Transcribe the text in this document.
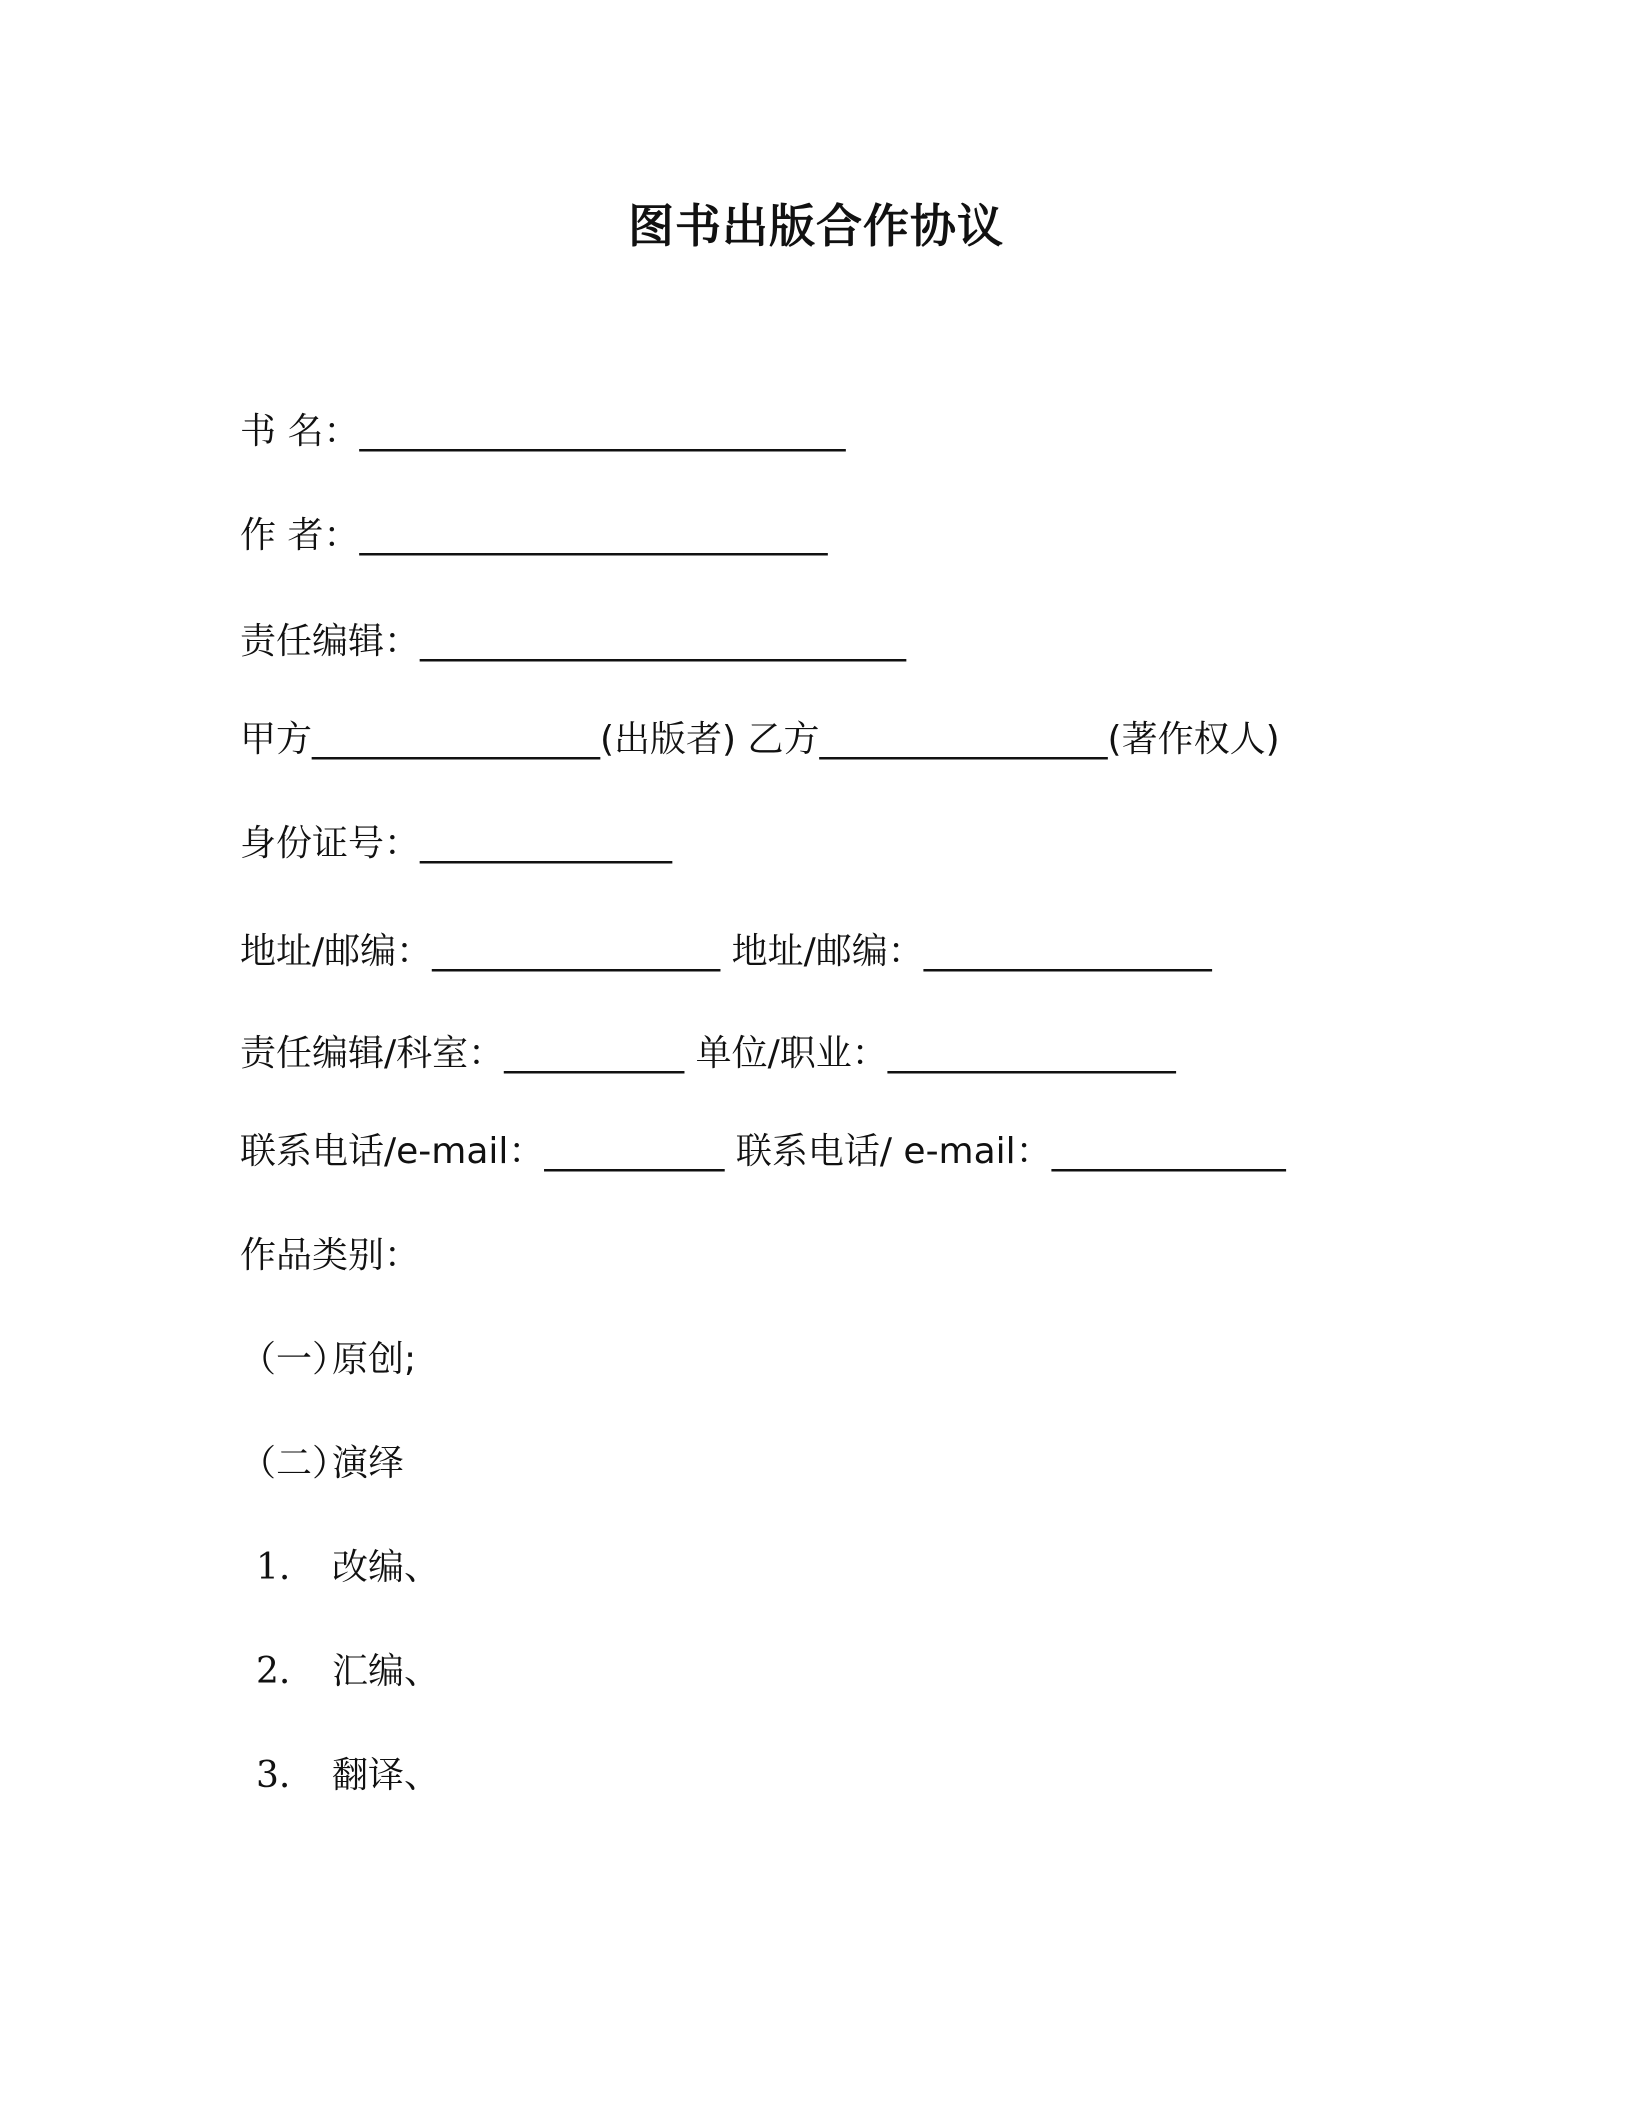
图书出版合作协议
书 名：___________________________
作 者：__________________________
责任编辑：___________________________
甲方________________(出版者) 乙方________________(著作权人)
身份证号：______________
地址/邮编：________________ 地址/邮编：________________
责任编辑/科室：__________ 单位/职业：________________
联系电话/e-mail：__________ 联系电话/ e-mail：_____________
作品类别：
（一）原创;
（二）演绎
1. 改编、
2. 汇编、
3. 翻译、
